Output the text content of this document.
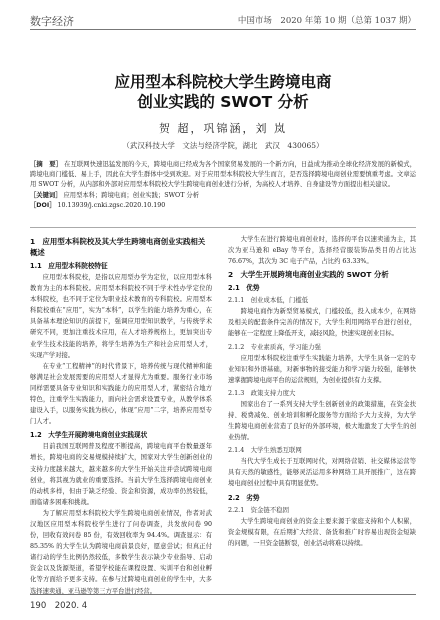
数字经济	中国市场　2020 年第 10 期（总第 1037 期）
应用型本科院校大学生跨境电商
创业实践的 SWOT 分析
贺 超，巩锦涵，刘 岚
（武汉科技大学　文法与经济学院，湖北　武汉　430065）

［摘　要］ 在互联网快速迅猛发展的今天，跨境电商已经成为各个国家贸易发展的一个新方向，日益成为推动全球化经济发展的新模式，跨境电商门槛低、易上手，因此在大学生群体中受到欢迎。对于应用型本科院校大学生而言，是否选择跨境电商创业需要慎重考虑。文章运用 SWOT 分析，从内部和外部对应用型本科院校大学生跨境电商创业进行分析，为高校人才培养、自身建设等方面提出相关建议。

［关键词］ 应用型本科；跨境电商；创业实践；SWOT 分析

［DOI］ 10.13939/j.cnki.zgsc.2020.10.190

1　应用型本科院校及其大学生跨境电商创业实践相关概述
1.1　应用型本科院校特征

应用型本科院校，是指以应用型办学为定位，以应用型本科教育为主的本科院校。应用型本科院校不同于学术性办学定位的本科院校，也不同于定位为职业技术教育的专科院校。应用型本科院校重在“应用”，实为“本科”，以学生的能力培养为重心，在具备基本理论知识的前提下，强调应用型知识教学，与传统学术研究不同，更加注重技术应用，在人才培养规格上，更加突出专业学生技术技能的培养，将学生培养为生产和社会应用型人才，实现产学对接。

在专业“工程精神”的时代背景下，培养传统与现代精神和能够满足社会发展需要的应用型人才显得尤为重要。服务行业市场同样需要具备专业知识和实践能力的应用型人才，紧密结合地方特色，注重学生实践能力，面向社会需求设置专业，从教学体系建设入手，以服务实践为核心，体现“应用”二字，培养应用型专门人才。

1.2　大学生开展跨境电商创业实践现状

目前我国互联网普及程度不断提高，跨境电商平台数量逐年增长，跨境电商的交易规模持续扩大，国家对大学生创新创业的支持力度越来越大，越来越多的大学生开始关注并尝试跨境电商创业，将其视为就业的重要选择。当前大学生选择跨境电商创业的动机多样，但由于缺乏经验、资金和资源，成功率仍然较低，面临诸多困难和挑战。

为了解应用型本科院校大学生跨境电商创业情况，作者对武汉地区应用型本科院校学生进行了问卷调查，共发放问卷 90 份，回收有效问卷 85 份，有效回收率为 94.4%。调查显示：有 85.35% 的大学生认为跨境电商前景良好，愿意尝试；但真正付诸行动的学生比例仍然较低，多数学生表示缺少专业指导、启动资金以及货源渠道，希望学校能在课程设置、实训平台和创业孵化等方面给予更多支持。在参与过跨境电商创业的学生中，大多选择速卖通、亚马逊等第三方平台进行经营。

大学生在进行跨境电商创业时，选择的平台以速卖通为主，其次为亚马逊和 eBay 等平台，选择经营服装饰品类目的占比达 76.67%，其次为 3C 电子产品，占比约 63.33%。

2　大学生开展跨境电商创业实践的 SWOT 分析
2.1　优势
2.1.1　创业成本低，门槛低

跨境电商作为新型贸易模式，门槛较低，投入成本少，在网络及相关的配套条件完善的情况下，大学生利用网络平台进行创业，能够在一定程度上降低开支，减轻风险，快速实现创业目标。

2.1.2　专业素质高，学习能力强

应用型本科院校注重学生实践能力培养，大学生具备一定的专业知识和外语基础，对新事物的接受能力和学习能力较强，能够快速掌握跨境电商平台的运营规则，为创业提供有力支撑。

2.1.3　政策支持力度大

国家出台了一系列支持大学生创新创业的政策措施，在资金扶持、税费减免、创业培训和孵化服务等方面给予大力支持，为大学生跨境电商创业营造了良好的外部环境，极大地激发了大学生的创业热情。

2.1.4　大学生熟悉互联网

当代大学生成长于互联网时代，对网络营销、社交媒体运营等具有天然的敏感性，能够灵活运用多种网络工具开展推广，这在跨境电商创业过程中具有明显优势。

2.2　劣势
2.2.1　资金链不稳固

大学生跨境电商创业的资金主要来源于家庭支持和个人积累，资金规模有限，在后期扩大经营、备货和推广时容易出现资金短缺的问题，一旦资金链断裂，创业活动将难以持续。

190　2020. 4
